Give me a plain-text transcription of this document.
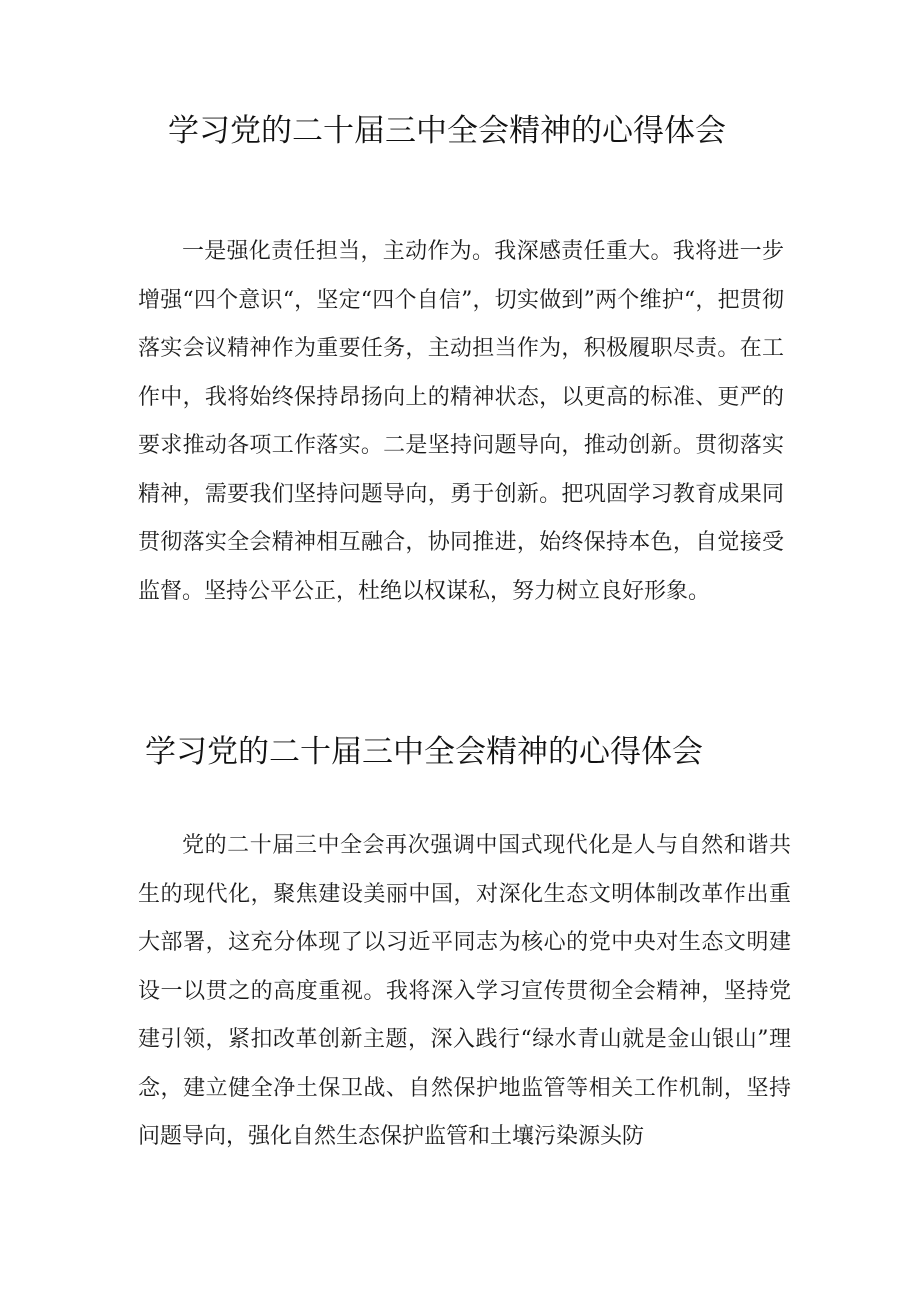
学习党的二十届三中全会精神的心得体会

一是强化责任担当，主动作为。我深感责任重大。我将进一步增强“四个意识“，坚定“四个自信”，切实做到”两个维护“，把贯彻落实会议精神作为重要任务，主动担当作为，积极履职尽责。在工作中，我将始终保持昂扬向上的精神状态，以更高的标准、更严的要求推动各项工作落实。二是坚持问题导向，推动创新。贯彻落实精神，需要我们坚持问题导向，勇于创新。把巩固学习教育成果同贯彻落实全会精神相互融合，协同推进，始终保持本色，自觉接受监督。坚持公平公正，杜绝以权谋私，努力树立良好形象。

学习党的二十届三中全会精神的心得体会

党的二十届三中全会再次强调中国式现代化是人与自然和谐共生的现代化，聚焦建设美丽中国，对深化生态文明体制改革作出重大部署，这充分体现了以习近平同志为核心的党中央对生态文明建设一以贯之的高度重视。我将深入学习宣传贯彻全会精神，坚持党建引领，紧扣改革创新主题，深入践行“绿水青山就是金山银山”理念，建立健全净土保卫战、自然保护地监管等相关工作机制，坚持问题导向，强化自然生态保护监管和土壤污染源头防
